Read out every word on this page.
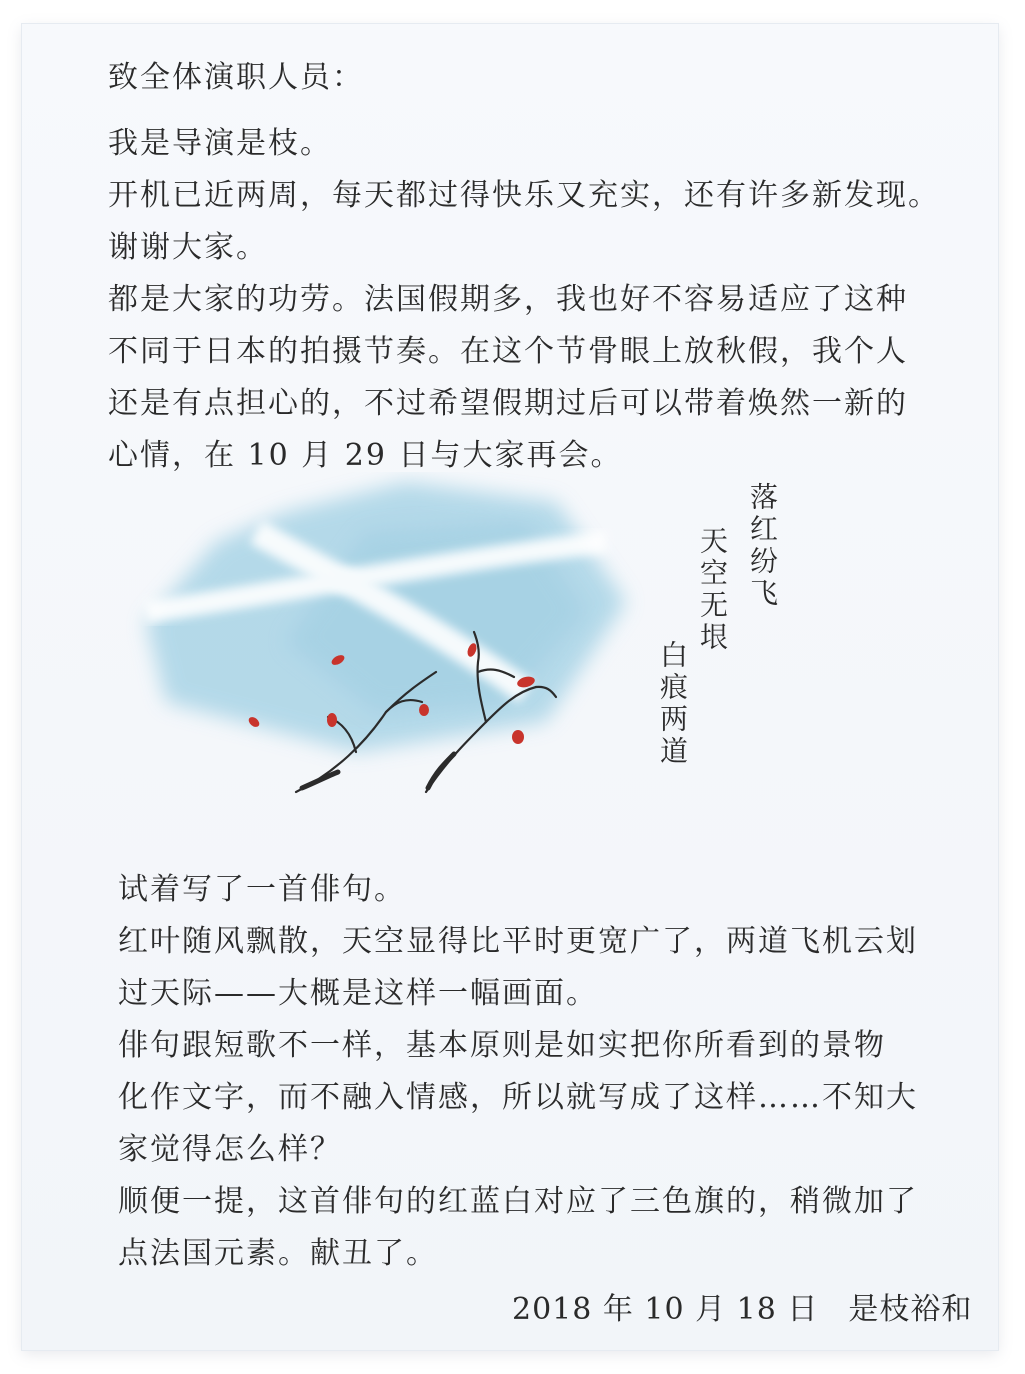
致全体演职人员：
我是导演是枝。
开机已近两周，每天都过得快乐又充实，还有许多新发现。
谢谢大家。
都是大家的功劳。法国假期多，我也好不容易适应了这种
不同于日本的拍摄节奏。在这个节骨眼上放秋假，我个人
还是有点担心的，不过希望假期过后可以带着焕然一新的
心情，在 10 月 29 日与大家再会。
落红纷飞
天空无垠
白痕两道
试着写了一首俳句。
红叶随风飘散，天空显得比平时更宽广了，两道飞机云划
过天际——大概是这样一幅画面。
俳句跟短歌不一样，基本原则是如实把你所看到的景物
化作文字，而不融入情感，所以就写成了这样……不知大
家觉得怎么样？
顺便一提，这首俳句的红蓝白对应了三色旗的，稍微加了
点法国元素。献丑了。
2018 年 10 月 18 日 是枝裕和
